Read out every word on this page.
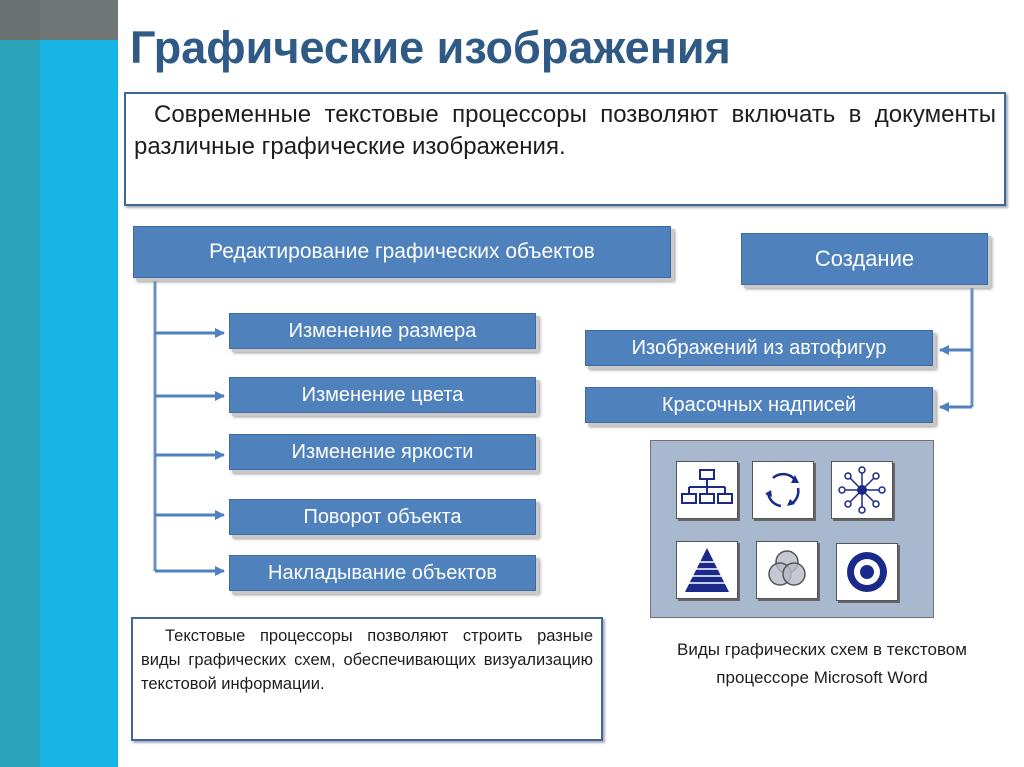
Графические изображения
Современные текстовые процессоры позволяют включать в документы различные графические изображения.
Редактирование графических объектов
Изменение размера
Изменение цвета
Изменение яркости
Поворот объекта
Накладывание объектов
Создание
Изображений из автофигур
Красочных надписей
Виды графических схем в текстовом
процессоре Microsoft Word
Текстовые процессоры позволяют строить разные виды графических схем, обеспечивающих визуализацию текстовой информации.
